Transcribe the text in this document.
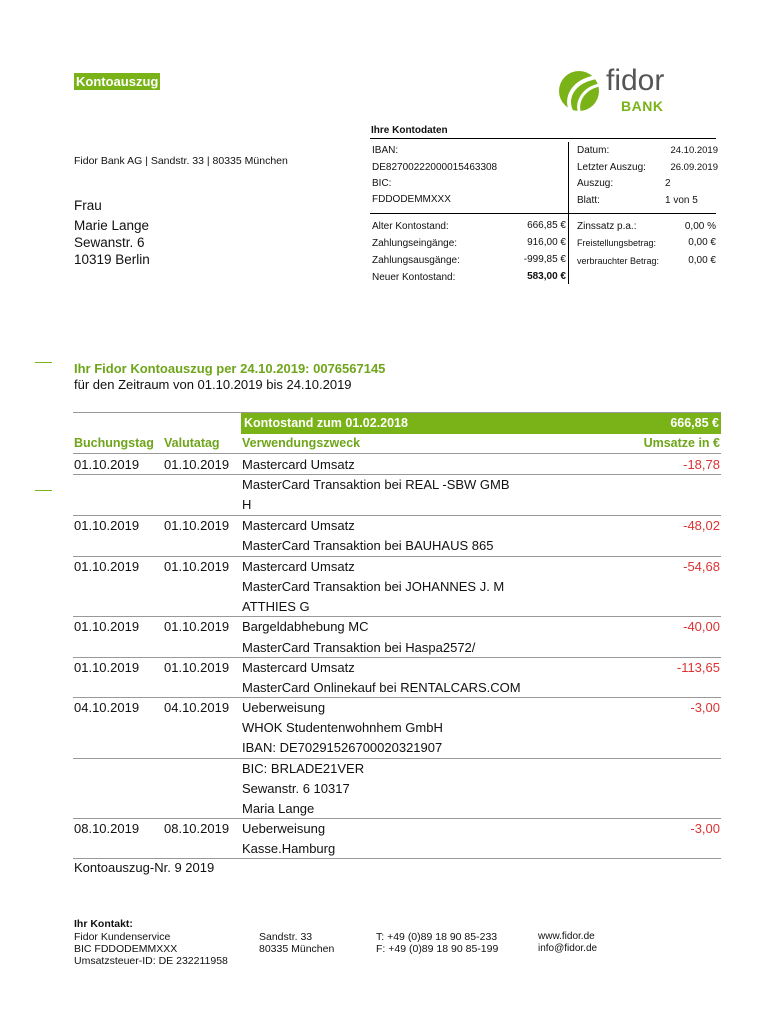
Kontoauszug	fidor
BANK
Fidor Bank AG | Sandstr. 33 | 80335 München
Frau
Marie Lange
Sewanstr. 6
10319 Berlin
Ihre Kontodaten
IBAN:
DE82700222000015463308
BIC:
FDDODEMMXXX
Datum:	24.10.2019
Letzter Auszug:	26.09.2019
Auszug:	2
Blatt:	1 von 5
Alter Kontostand:	666,85 €
Zahlungseingänge:	916,00 €
Zahlungsausgänge:	-999,85 €
Neuer Kontostand:	583,00 €
Zinssatz p.a.:	0,00 %
Freistellungsbetrag:	0,00 €
verbrauchter Betrag:	0,00 €
Ihr Fidor Kontoauszug per 24.10.2019: 0076567145
für den Zeitraum von 01.10.2019 bis 24.10.2019
Kontostand zum 01.02.2018	666,85 €
Buchungstag Valutatag Verwendungszweck	Umsatze in €
01.10.2019 01.10.2019 Mastercard Umsatz	-18,78
MasterCard Transaktion bei REAL -SBW GMB
H
01.10.2019 01.10.2019 Mastercard Umsatz	-48,02
MasterCard Transaktion bei BAUHAUS 865
01.10.2019 01.10.2019 Mastercard Umsatz	-54,68
MasterCard Transaktion bei JOHANNES J. M
ATTHIES G
01.10.2019 01.10.2019 Bargeldabhebung MC	-40,00
MasterCard Transaktion bei Haspa2572/
01.10.2019 01.10.2019 Mastercard Umsatz	-113,65
MasterCard Onlinekauf bei RENTALCARS.COM
04.10.2019 04.10.2019 Ueberweisung	-3,00
WHOK Studentenwohnhem GmbH
IBAN: DE70291526700020321907
BIC: BRLADE21VER
Sewanstr. 6 10317
Maria Lange
08.10.2019 08.10.2019 Ueberweisung	-3,00
Kasse.Hamburg
Kontoauszug-Nr. 9 2019
Ihr Kontakt:
Fidor Kundenservice
BIC FDDODEMMXXX
Umsatzsteuer-ID: DE 232211958
Sandstr. 33
80335 München
T: +49 (0)89 18 90 85-233
F: +49 (0)89 18 90 85-199
www.fidor.de
info@fidor.de
